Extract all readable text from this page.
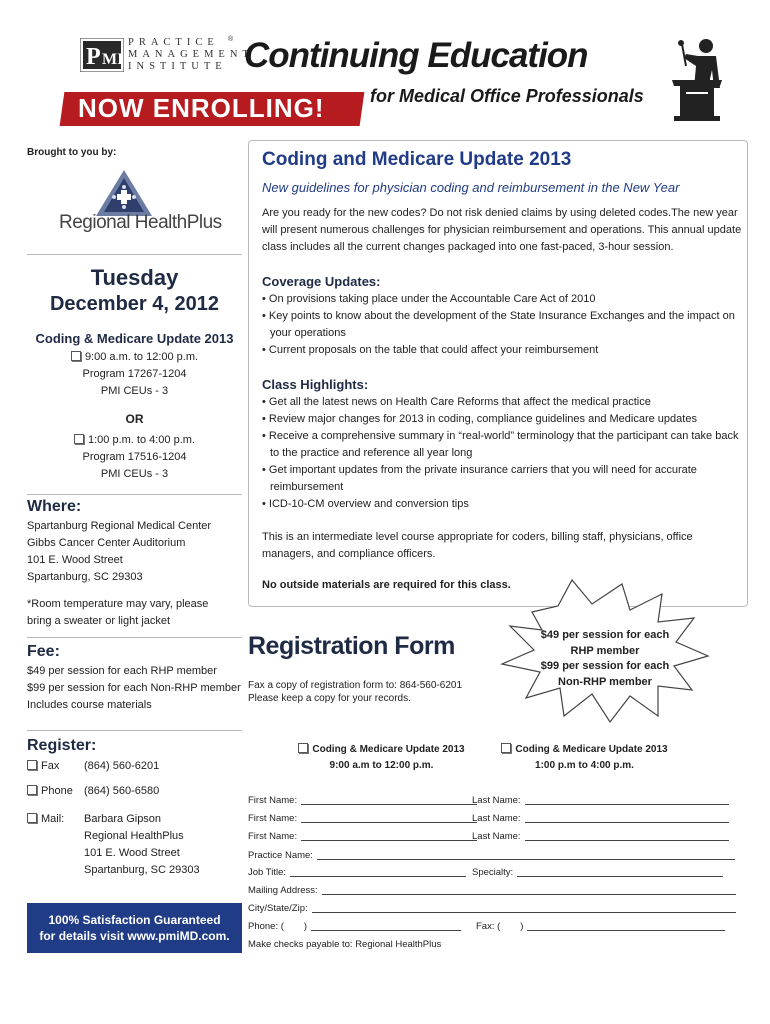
P MI
PRACTICE
MANAGEMENT
INSTITUTE
® Continuing Education
for Medical Office Professionals
NOW ENROLLING!
Brought to you by:
Regional HealthPlus
Tuesday
December 4, 2012
Coding & Medicare Update 2013
9:00 a.m. to 12:00 p.m.
Program 17267-1204
PMI CEUs - 3
OR
1:00 p.m. to 4:00 p.m.
Program 17516-1204
PMI CEUs - 3
Where:
Spartanburg Regional Medical Center
Gibbs Cancer Center Auditorium
101 E. Wood Street
Spartanburg, SC 29303
*Room temperature may vary, please
bring a sweater or light jacket
Fee:
$49 per session for each RHP member
$99 per session for each Non-RHP member
Includes course materials
Register:
Fax (864) 560-6201
Phone (864) 560-6580
Mail: Barbara Gipson
Regional HealthPlus
101 E. Wood Street
Spartanburg, SC 29303
100% Satisfaction Guaranteed
for details visit www.pmiMD.com.
Coding and Medicare Update 2013
New guidelines for physician coding and reimbursement in the New Year
Are you ready for the new codes? Do not risk denied claims by using deleted codes.The new year will present numerous challenges for physician reimbursement and operations. This annual update class includes all the current changes packaged into one fast-paced, 3-hour session.
Coverage Updates:
• On provisions taking place under the Accountable Care Act of 2010
• Key points to know about the development of the State Insurance Exchanges and the impact on your operations
• Current proposals on the table that could affect your reimbursement
Class Highlights:
• Get all the latest news on Health Care Reforms that affect the medical practice
• Review major changes for 2013 in coding, compliance guidelines and Medicare updates
• Receive a comprehensive summary in “real-world” terminology that the participant can take back to the practice and reference all year long
• Get important updates from the private insurance carriers that you will need for accurate reimbursement
• ICD-10-CM overview and conversion tips
This is an intermediate level course appropriate for coders, billing staff, physicians, office managers, and compliance officers.
No outside materials are required for this class.
$49 per session for each
RHP member
$99 per session for each
Non-RHP member
Registration Form
Fax a copy of registration form to: 864-560-6201
Please keep a copy for your records.
Coding & Medicare Update 2013
9:00 a.m to 12:00 p.m.
Coding & Medicare Update 2013
1:00 p.m to 4:00 p.m.
First Name:	Last Name:
First Name:	Last Name:
First Name:	Last Name:
Practice Name:
Job Title:	Specialty:
Mailing Address:
City/State/Zip:
Phone: ( )	Fax: ( )
Make checks payable to: Regional HealthPlus
